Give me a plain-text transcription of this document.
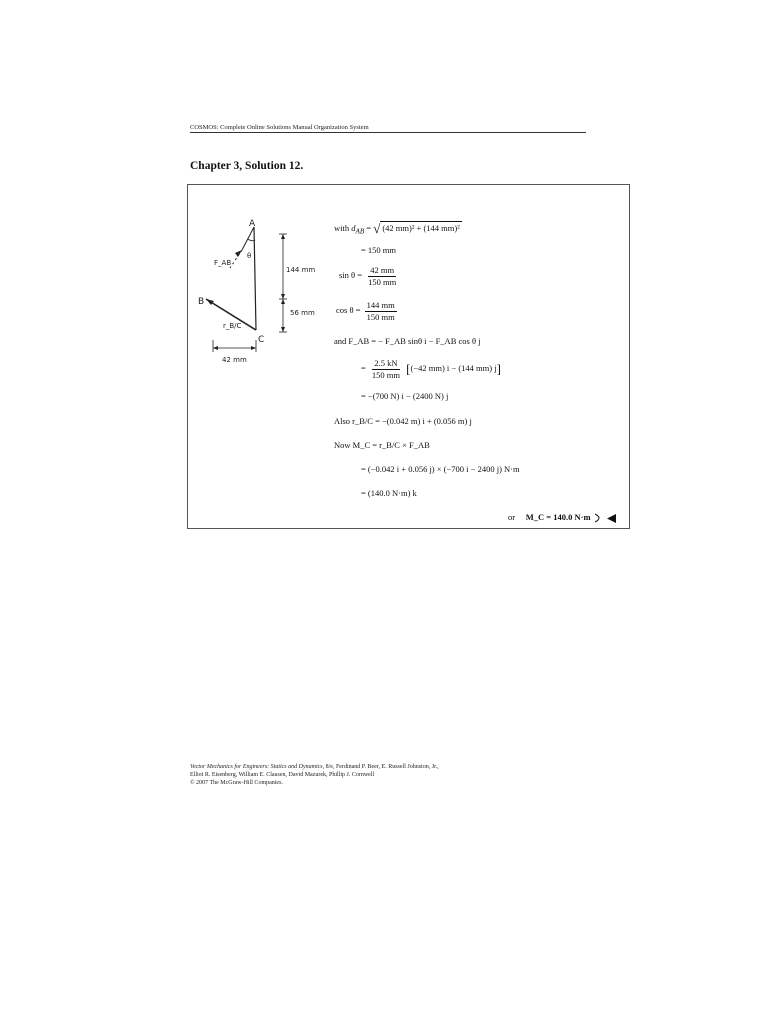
COSMOS: Complete Online Solutions Manual Organization System
Chapter 3, Solution 12.
A
B
C
θ
F_AB
r_B/C
144 mm
56 mm
42 mm
with $d_{AB}$ = √ (42 mm)² + (144 mm)²
= 150 mm
$\sin \theta = \frac{42 mm}{150 mm}$
$\cos \theta = \frac{144 mm}{150 mm}$
and F_AB = − F_AB sinθ i − F_AB cos θ j
= $\frac{2.5 kN}{150 mm} [(-42$ mm) i − (144 mm) j]
= −(700 N) i − (2400 N) j
Also r_B/C = −(0.042 m) i + (0.056 m) j
Now M_C = r_B/C × F_AB
= (−0.042 i + 0.056 j) × (−700 i − 2400 j) N·m
= (140.0 N·m) k
or M_C = 140.0 N·m
Vector Mechanics for Engineers: Statics and Dynamics, 8/e, Ferdinand P. Beer, E. Russell Johnston, Jr.,
Elliot R. Eisenberg, William E. Clausen, David Mazurek, Phillip J. Cornwell
© 2007 The McGraw-Hill Companies.
